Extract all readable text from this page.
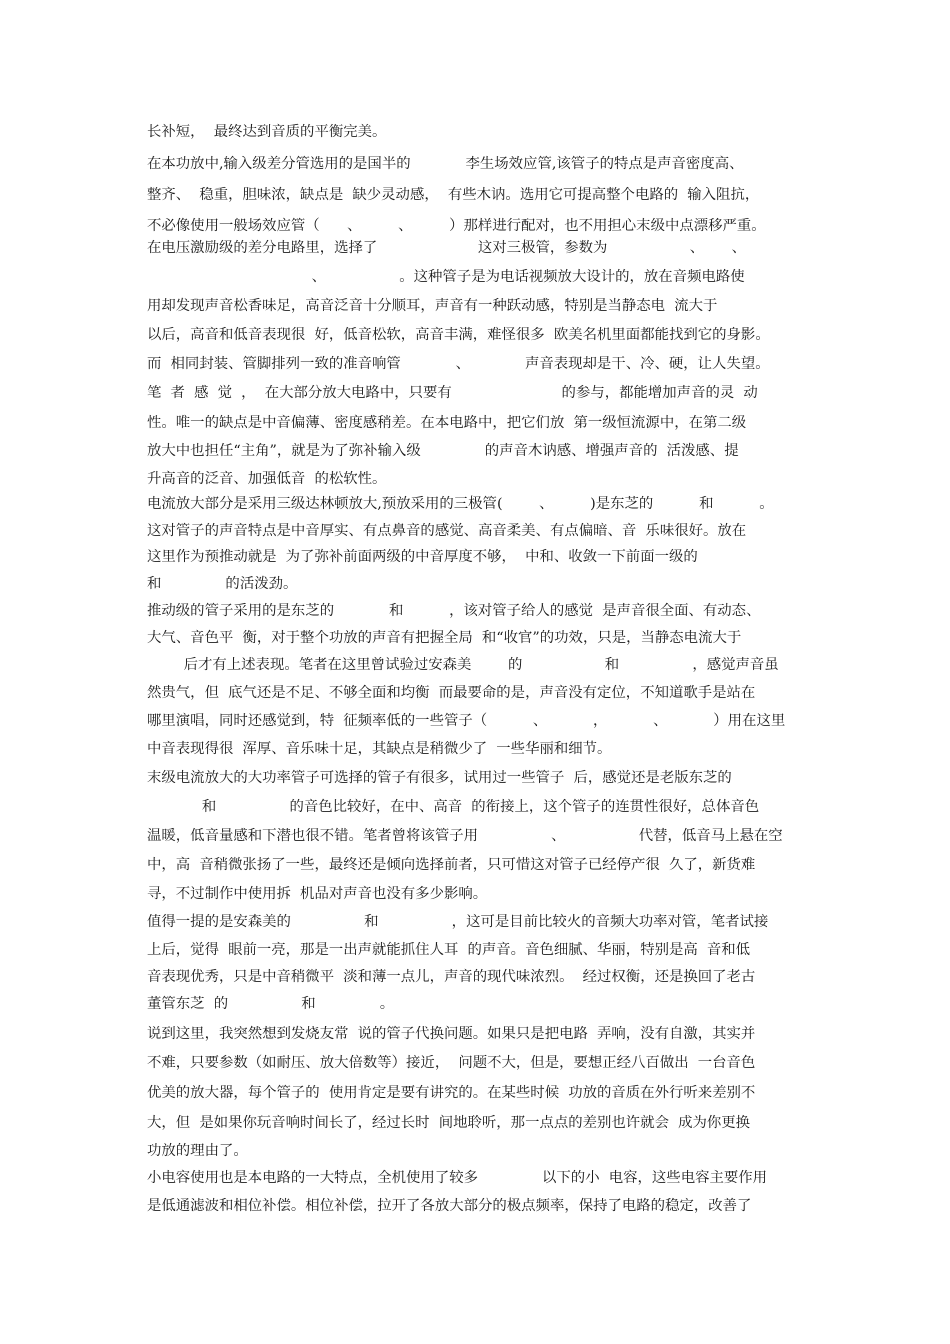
长补短，  最终达到音质的平衡完美。
在本功放中,输入级差分管选用的是国半的            李生场效应管,该管子的特点是声音密度高、
整齐、  稳重，胆味浓，缺点是  缺少灵动感，  有些木讷。选用它可提高整个电路的  输入阻抗，
不必像使用一般场效应管（      、        、        ）那样进行配对，也不用担心末级中点漂移严重。
在电压激励级的差分电路里，选择了                      这对三极管，参数为                  、      、
、                。这种管子是为电话视频放大设计的，放在音频电路使
用却发现声音松香味足，高音泛音十分顺耳，声音有一种跃动感，特别是当静态电  流大于
以后，高音和低音表现很  好，低音松软，高音丰满，难怪很多  欧美名机里面都能找到它的身影。
而  相同封装、管脚排列一致的准音响管            、            声音表现却是干、冷、硬，让人失望。
笔  者  感  觉  ，  在大部分放大电路中，只要有                        的参与，都能增加声音的灵  动
性。唯一的缺点是中音偏薄、密度感稍差。在本电路中，把它们放  第一级恒流源中，在第二级
放大中也担任“主角”，就是为了弥补输入级              的声音木讷感、增强声音的  活泼感、提
升高音的泛音、加强低音  的松软性。
电流放大部分是采用三级达林顿放大,预放采用的三极管(        、        )是东芝的          和          。
这对管子的声音特点是中音厚实、有点鼻音的感觉、高音柔美、有点偏暗、音  乐味很好。放在
这里作为预推动就是  为了弥补前面两级的中音厚度不够，  中和、收敛一下前面一级的
和              的活泼劲。
推动级的管子采用的是东芝的            和          ，该对管子给人的感觉  是声音很全面、有动态、
大气、音色平  衡，对于整个功放的声音有把握全局  和“收官”的功效，只是，当静态电流大于
后才有上述表现。笔者在这里曾试验过安森美        的                  和                ，感觉声音虽
然贵气，但  底气还是不足、不够全面和均衡  而最要命的是，声音没有定位，不知道歌手是站在
哪里演唱，同时还感觉到，特  征频率低的一些管子（          、          ，          、          ）用在这里
中音表现得很  浑厚、音乐味十足，其缺点是稍微少了  一些华丽和细节。
末级电流放大的大功率管子可选择的管子有很多，试用过一些管子  后，感觉还是老版东芝的
和                的音色比较好，在中、高音  的衔接上，这个管子的连贯性很好，总体音色
温暖，低音量感和下潜也很不错。笔者曾将该管子用                、                代替，低音马上悬在空
中，高  音稍微张扬了一些，最终还是倾向选择前者，只可惜这对管子已经停产很  久了，新货难
寻，不过制作中使用拆  机品对声音也没有多少影响。
值得一提的是安森美的                和                ，这可是目前比较火的音频大功率对管，笔者试接
上后，觉得  眼前一亮，那是一出声就能抓住人耳  的声音。音色细腻、华丽，特别是高  音和低
音表现优秀，只是中音稍微平  淡和薄一点儿，声音的现代味浓烈。  经过权衡，还是换回了老古
董管东芝  的                和              。
说到这里，我突然想到发烧友常  说的管子代换问题。如果只是把电路  弄响，没有自激，其实并
不难，只要参数（如耐压、放大倍数等）接近，  问题不大，但是，要想正经八百做出  一台音色
优美的放大器，每个管子的  使用肯定是要有讲究的。在某些时候  功放的音质在外行听来差别不
大，但  是如果你玩音响时间长了，经过长时  间地聆听，那一点点的差别也许就会  成为你更换
功放的理由了。
小电容使用也是本电路的一大特点，全机使用了较多              以下的小  电容，这些电容主要作用
是低通滤波和相位补偿。相位补偿，拉开了各放大部分的极点频率，保持了电路的稳定，改善了
